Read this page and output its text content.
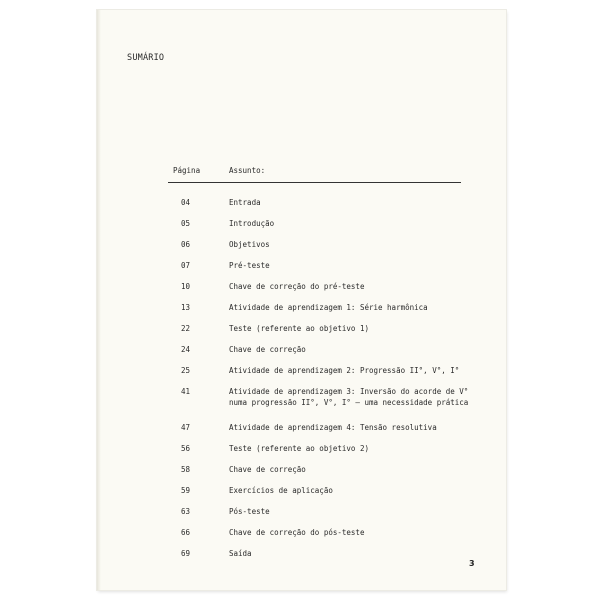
SUMÁRIO
Página	Assunto:
04	Entrada
05	Introdução
06	Objetivos
07	Pré-teste
10	Chave de correção do pré-teste
13	Atividade de aprendizagem 1: Série harmônica
22	Teste (referente ao objetivo 1)
24	Chave de correção
25	Atividade de aprendizagem 2: Progressão II°, V°, I°
41	Atividade de aprendizagem 3: Inversão do acorde de V°
numa progressão II°, V°, I° — uma necessidade prática
47	Atividade de aprendizagem 4: Tensão resolutiva
56	Teste (referente ao objetivo 2)
58	Chave de correção
59	Exercícios de aplicação
63	Pós-teste
66	Chave de correção do pós-teste
69	Saída
3
